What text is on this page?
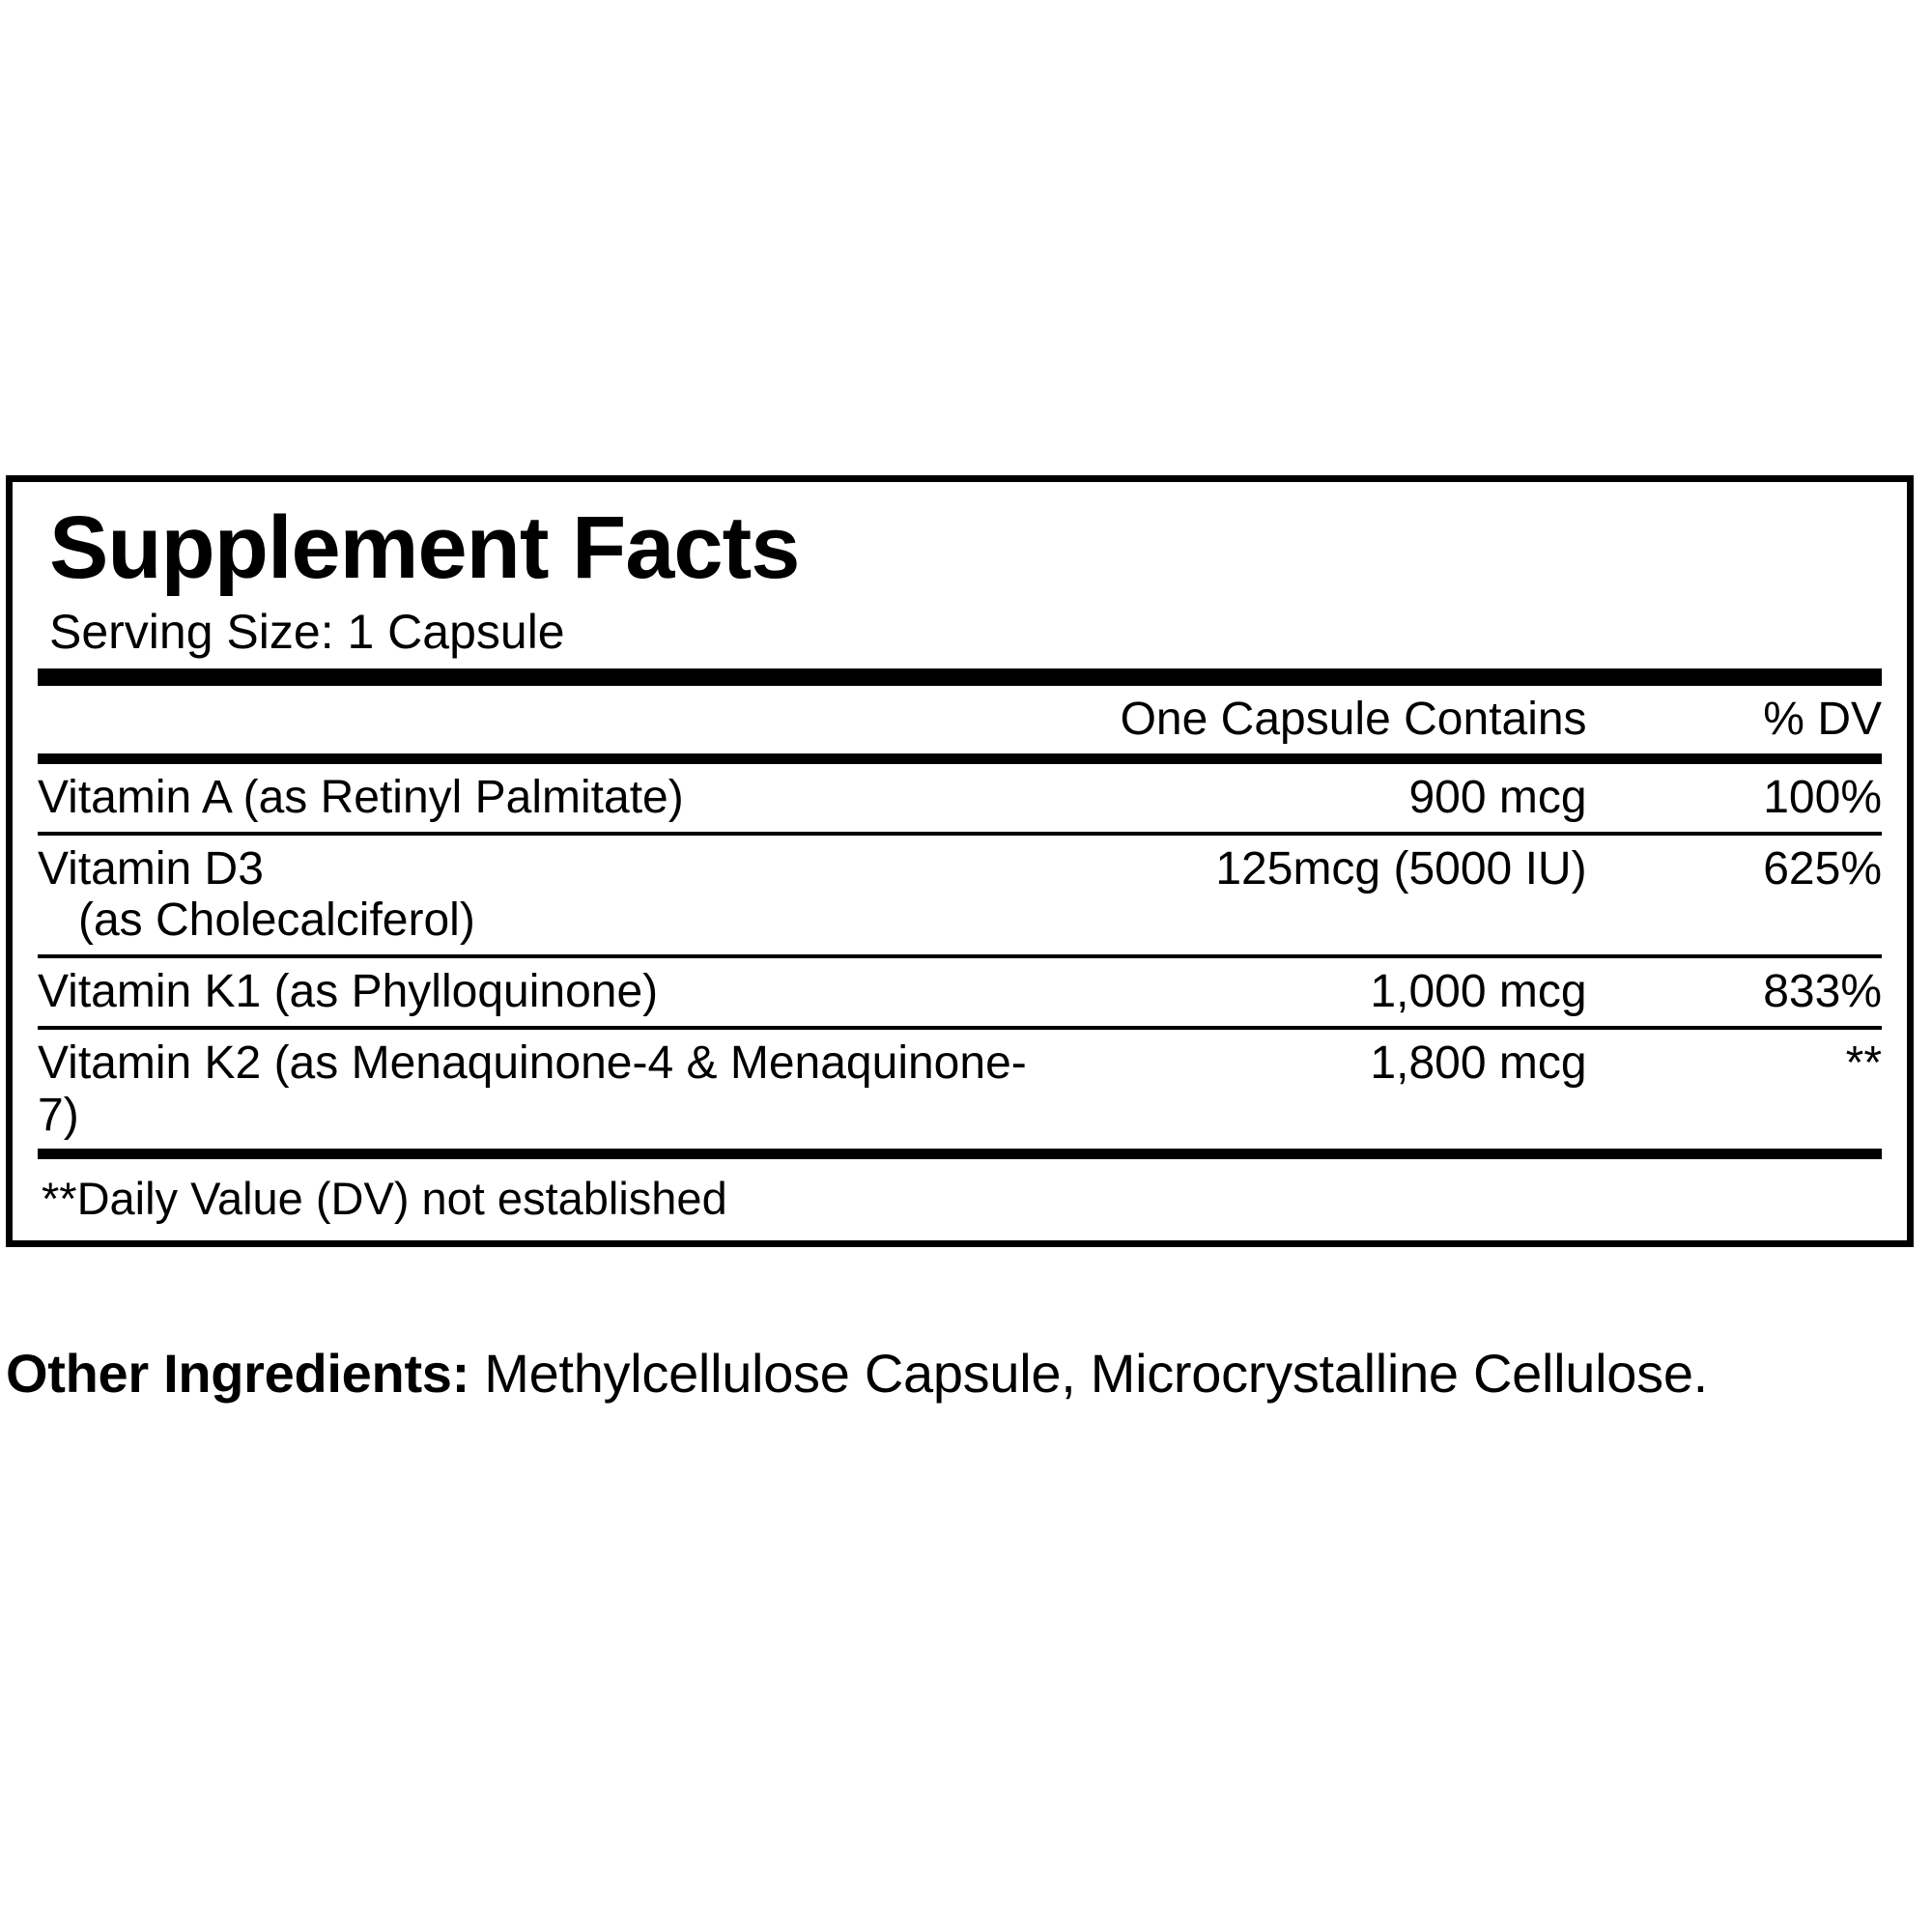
Supplement Facts
Serving Size: 1 Capsule
	One Capsule Contains	% DV
Vitamin A (as Retinyl Palmitate)	900 mcg	100%

Vitamin D3
(as Cholecalciferol)	125mcg (5000 IU)	625%

Vitamin K1 (as Phylloquinone)	1,000 mcg	833%

Vitamin K2 (as Menaquinone-4 & Menaquinone-7)	1,800 mcg	**
**Daily Value (DV) not established
Other Ingredients: Methylcellulose Capsule, Microcrystalline Cellulose.
